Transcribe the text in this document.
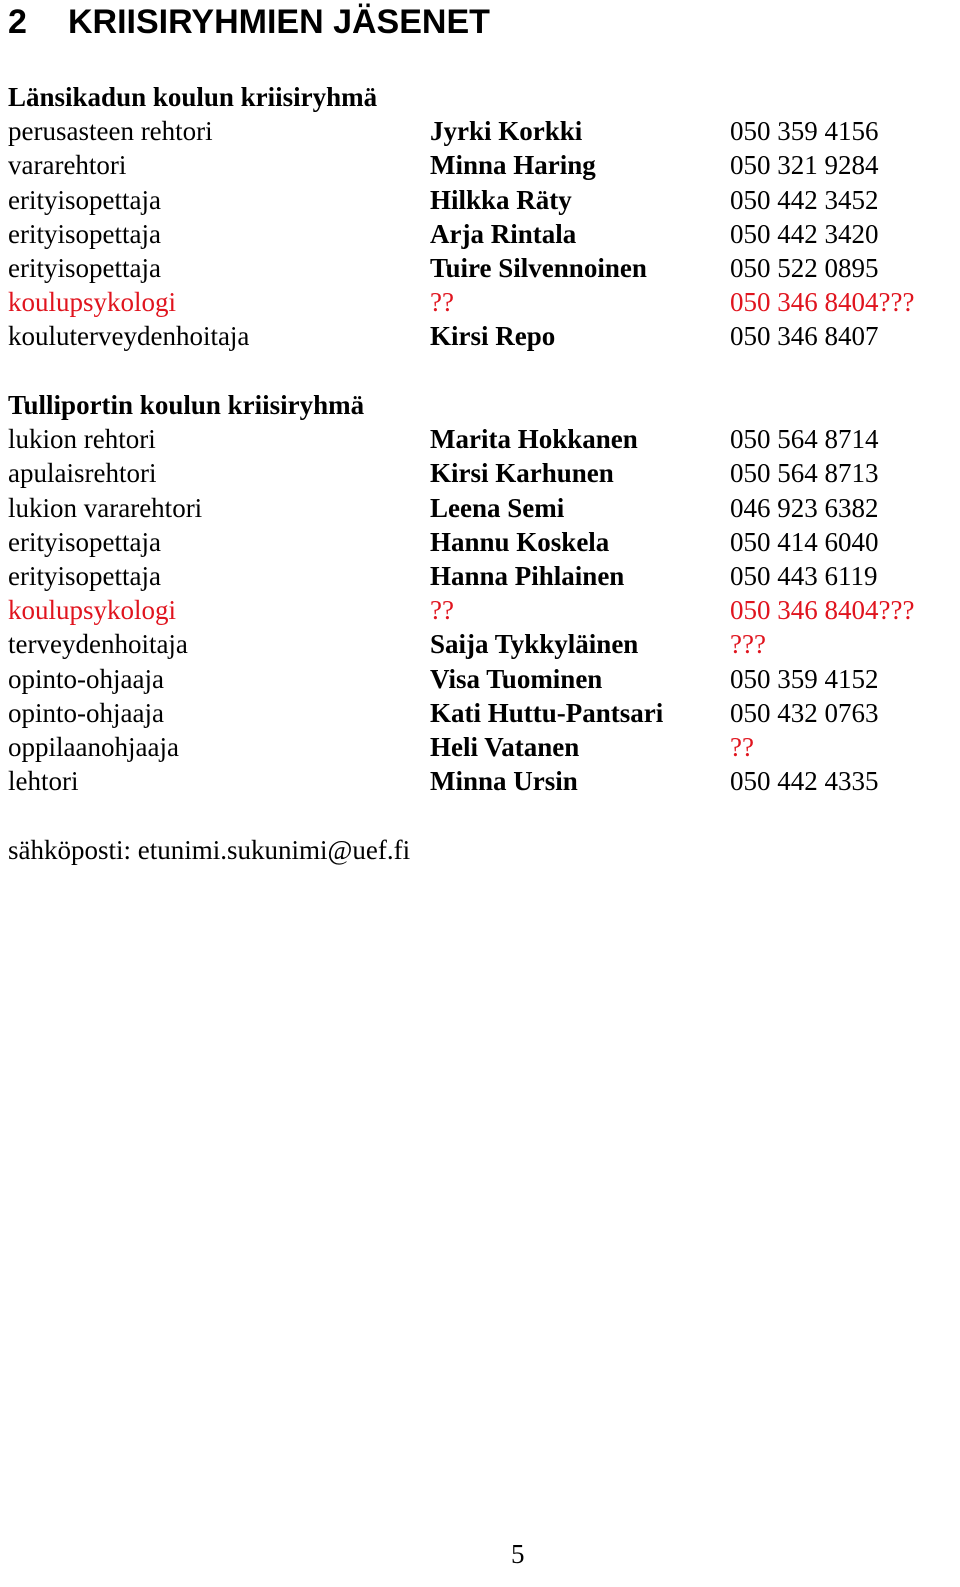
2 KRIISIRYHMIEN JÄSENET
Länsikadun koulun kriisiryhmä
perusasteen rehtori	Jyrki Korkki	050 359 4156
vararehtori	Minna Haring	050 321 9284
erityisopettaja	Hilkka Räty	050 442 3452
erityisopettaja	Arja Rintala	050 442 3420
erityisopettaja	Tuire Silvennoinen	050 522 0895
koulupsykologi	??	050 346 8404???
kouluterveydenhoitaja	Kirsi Repo	050 346 8407
Tulliportin koulun kriisiryhmä
lukion rehtori	Marita Hokkanen	050 564 8714
apulaisrehtori	Kirsi Karhunen	050 564 8713
lukion vararehtori	Leena Semi	046 923 6382
erityisopettaja	Hannu Koskela	050 414 6040
erityisopettaja	Hanna Pihlainen	050 443 6119
koulupsykologi	??	050 346 8404???
terveydenhoitaja	Saija Tykkyläinen	???
opinto-ohjaaja	Visa Tuominen	050 359 4152
opinto-ohjaaja	Kati Huttu-Pantsari 050 432 0763
oppilaanohjaaja	Heli Vatanen	??
lehtori	Minna Ursin	050 442 4335
sähköposti: etunimi.sukunimi@uef.fi
5
